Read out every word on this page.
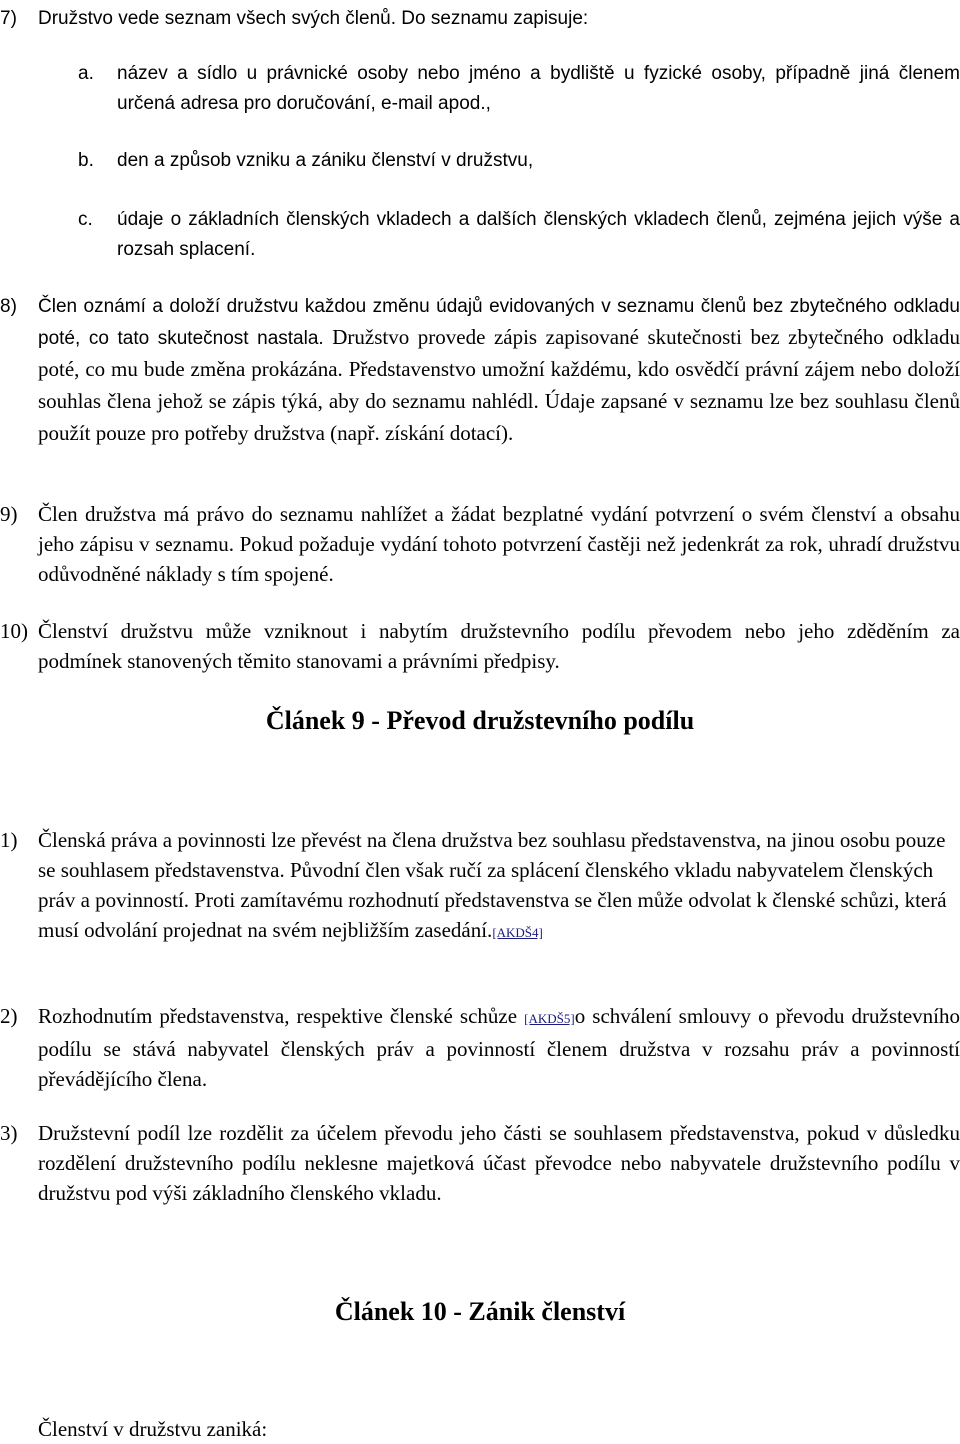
7) Družstvo vede seznam všech svých členů. Do seznamu zapisuje:
a. název a sídlo u právnické osoby nebo jméno a bydliště u fyzické osoby, případně jiná členem určená adresa pro doručování, e-mail apod.,
b. den a způsob vzniku a zániku členství v družstvu,
c. údaje o základních členských vkladech a dalších členských vkladech členů, zejména jejich výše a rozsah splacení.
8) Člen oznámí a doloží družstvu každou změnu údajů evidovaných v seznamu členů bez zbytečného odkladu poté, co tato skutečnost nastala. Družstvo provede zápis zapisované skutečnosti bez zbytečného odkladu poté, co mu bude změna prokázána. Představenstvo umožní každému, kdo osvědčí právní zájem nebo doloží souhlas člena jehož se zápis týká, aby do seznamu nahlédl. Údaje zapsané v seznamu lze bez souhlasu členů použít pouze pro potřeby družstva (např. získání dotací).
9) Člen družstva má právo do seznamu nahlížet a žádat bezplatné vydání potvrzení o svém členství a obsahu jeho zápisu v seznamu. Pokud požaduje vydání tohoto potvrzení častěji než jedenkrát za rok, uhradí družstvu odůvodněné náklady s tím spojené.
10) Členství družstvu může vzniknout i nabytím družstevního podílu převodem nebo jeho zděděním za podmínek stanovených těmito stanovami a právními předpisy.
Článek 9 - Převod družstevního podílu
1) Členská práva a povinnosti lze převést na člena družstva bez souhlasu představenstva, na jinou osobu pouze se souhlasem představenstva. Původní člen však ručí za splácení členského vkladu nabyvatelem členských práv a povinností. Proti zamítavému rozhodnutí představenstva se člen může odvolat k členské schůzi, která musí odvolání projednat na svém nejbližším zasedání.[AKDŠ4]
2) Rozhodnutím představenstva, respektive členské schůze [AKDŠ5]o schválení smlouvy o převodu družstevního podílu se stává nabyvatel členských práv a povinností členem družstva v rozsahu práv a povinností převádějícího člena.
3) Družstevní podíl lze rozdělit za účelem převodu jeho části se souhlasem představenstva, pokud v důsledku rozdělení družstevního podílu neklesne majetková účast převodce nebo nabyvatele družstevního podílu v družstvu pod výši základního členského vkladu.
Článek 10 - Zánik členství
Členství v družstvu zaniká:
